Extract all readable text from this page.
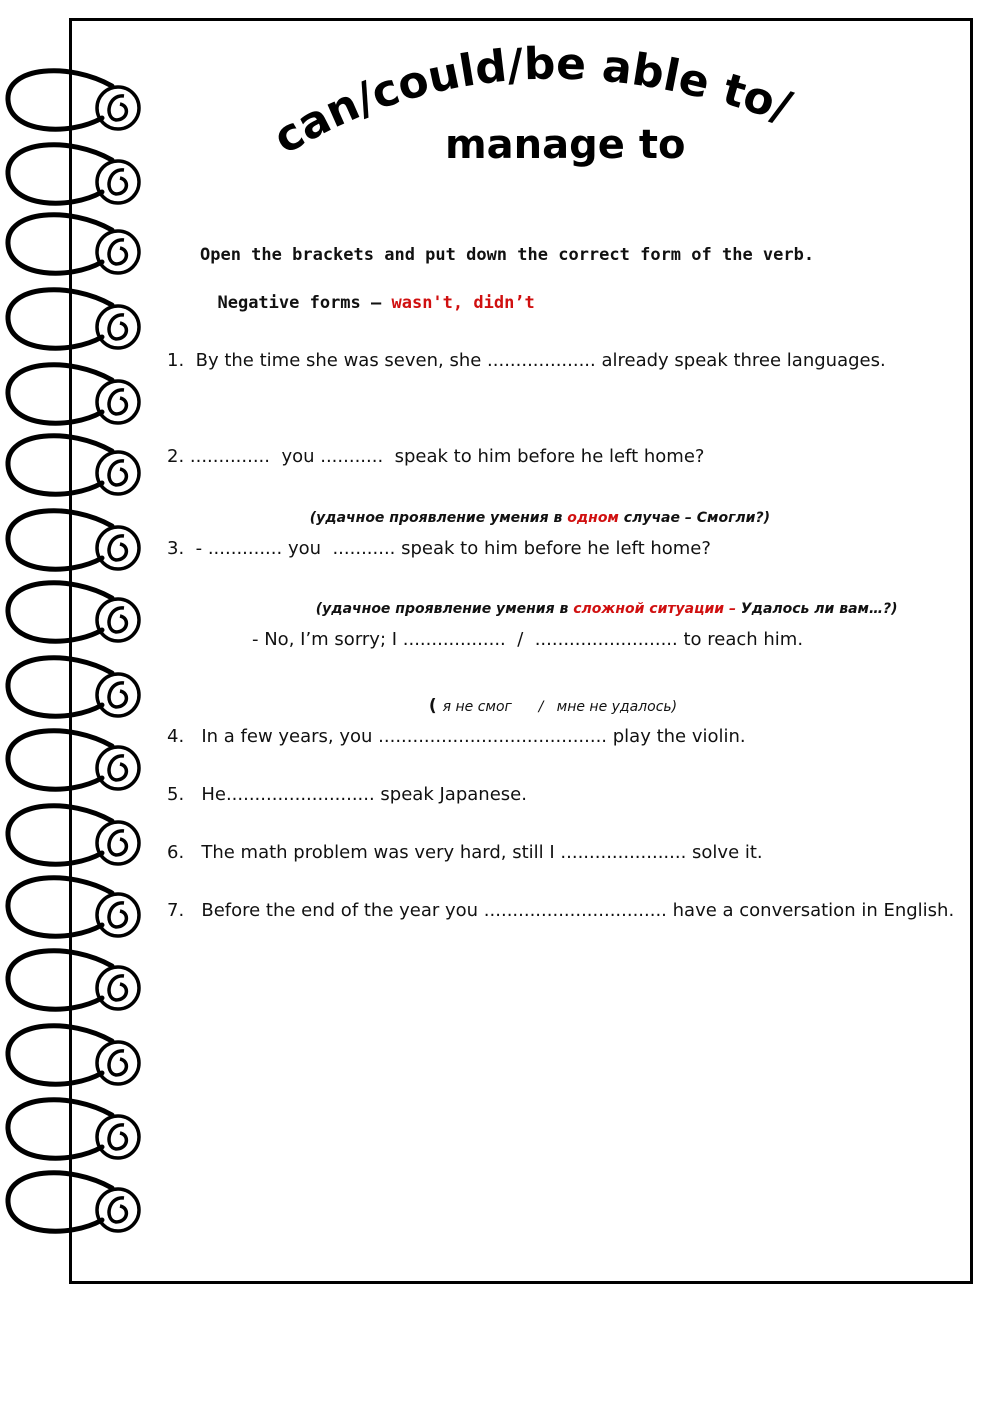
can/could/be able to/
manage to
Open the brackets and put down the correct form of the verb.

Negative forms – wasn't, didn’t

1.  By the time she was seven, she ................... already speak three languages.
2. ..............  you ...........  speak to him before he left home?

(удачное проявление умения в одном случае – Смогли?)

3.  - ............. you  ........... speak to him before he left home?

(удачное проявление умения в сложной ситуации – Удалось ли вам…?)

- No, I’m sorry; I ..................  /  ......................... to reach him.

( я не смог      /   мне не удалось)

4.   In a few years, you ........................................ play the violin.
5.   He.......................... speak Japanese.
6.   The math problem was very hard, still I ...................... solve it.
7.   Before the end of the year you ................................ have a conversation in English.
